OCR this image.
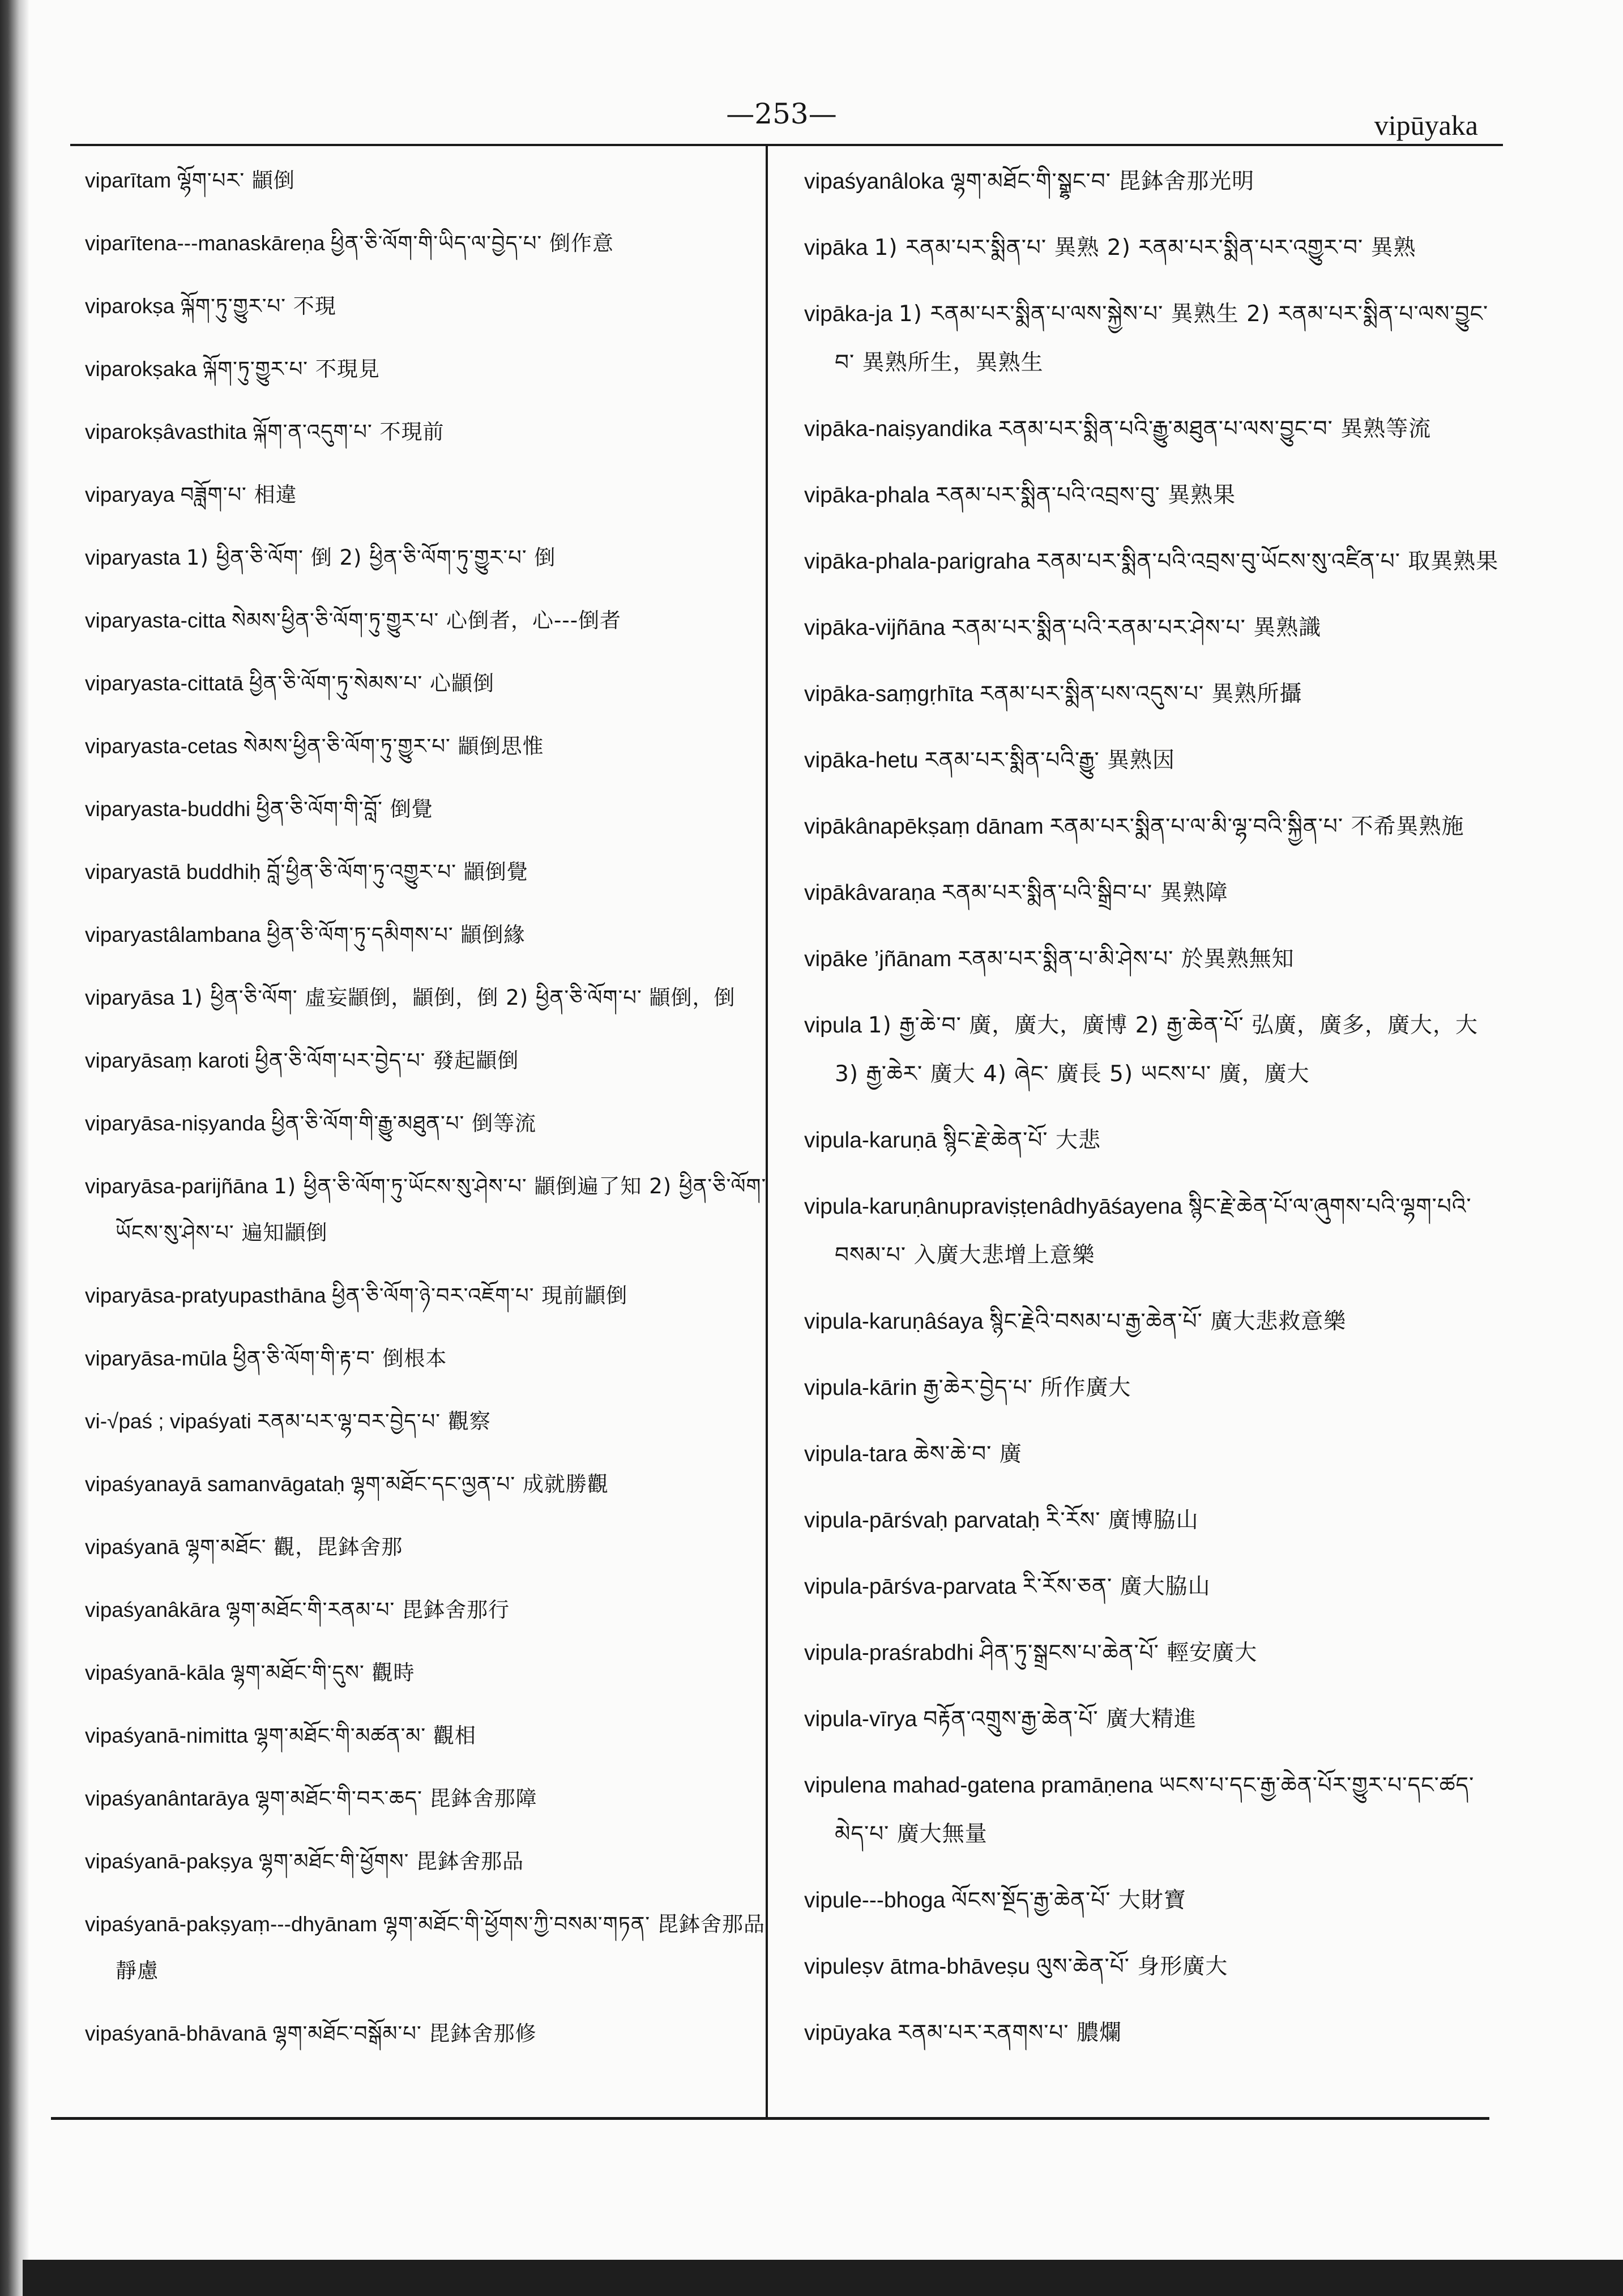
—253—	vipūyaka
viparītam ལྷོག་པར་ 顓倒
viparītena---manaskāreṇa ཕྱིན་ཅི་ལོག་གི་ཡིད་ལ་བྱེད་པ་ 倒作意
viparokṣa ལྐོག་ཏུ་གྱུར་པ་ 不現
viparokṣaka ལྐོག་ཏུ་གྱུར་པ་ 不現見
viparokṣâvasthita ལྐོག་ན་འདུག་པ་ 不現前
viparyaya བཟློག་པ་ 相違
viparyasta 1) ཕྱིན་ཅི་ལོག་ 倒 2) ཕྱིན་ཅི་ལོག་ཏུ་གྱུར་པ་ 倒
viparyasta-citta སེམས་ཕྱིན་ཅི་ལོག་ཏུ་གྱུར་པ་ 心倒者，心---倒者
viparyasta-cittatā ཕྱིན་ཅི་ལོག་ཏུ་སེམས་པ་ 心顓倒
viparyasta-cetas སེམས་ཕྱིན་ཅི་ལོག་ཏུ་གྱུར་པ་ 顓倒思惟
viparyasta-buddhi ཕྱིན་ཅི་ལོག་གི་བློ་ 倒覺
viparyastā buddhiḥ བློ་ཕྱིན་ཅི་ལོག་ཏུ་འགྱུར་པ་ 顓倒覺
viparyastâlambana ཕྱིན་ཅི་ལོག་ཏུ་དམིགས་པ་ 顓倒緣
viparyāsa 1) ཕྱིན་ཅི་ལོག་ 虛妄顓倒，顓倒，倒 2) ཕྱིན་ཅི་ལོག་པ་ 顓倒，倒
viparyāsaṃ karoti ཕྱིན་ཅི་ལོག་པར་བྱེད་པ་ 發起顓倒
viparyāsa-niṣyanda ཕྱིན་ཅི་ལོག་གི་རྒྱུ་མཐུན་པ་ 倒等流
viparyāsa-parijñāna 1) ཕྱིན་ཅི་ལོག་ཏུ་ཡོངས་སུ་ཤེས་པ་ 顓倒遍了知 2) ཕྱིན་ཅི་ལོག་ཡོངས་སུ་ཤེས་པ་ 遍知顓倒
viparyāsa-pratyupasthāna ཕྱིན་ཅི་ལོག་ཉེ་བར་འཇོག་པ་ 現前顓倒
viparyāsa-mūla ཕྱིན་ཅི་ལོག་གི་རྟ་བ་ 倒根本
vi-√paś ; vipaśyati རནམ་པར་ལྷ་བར་བྱེད་པ་ 觀察
vipaśyanayā samanvāgataḥ ལྷག་མཐོང་དང་ལྱན་པ་ 成就勝觀
vipaśyanā ལྷག་མཐོང་ 觀，毘鉢舍那
vipaśyanâkāra ལྷག་མཐོང་གི་རནམ་པ་ 毘鉢舍那行
vipaśyanā-kāla ལྷག་མཐོང་གི་དུས་ 觀時
vipaśyanā-nimitta ལྷག་མཐོང་གི་མཚན་མ་ 觀相
vipaśyanântarāya ལྷག་མཐོང་གི་བར་ཆད་ 毘鉢舍那障
vipaśyanā-pakṣya ལྷག་མཐོང་གི་ཕྱོགས་ 毘鉢舍那品
vipaśyanā-pakṣyaṃ---dhyānam ལྷག་མཐོང་གི་ཕྱོགས་ཀྱི་བསམ་གཏན་ 毘鉢舍那品靜慮
vipaśyanā-bhāvanā ལྷག་མཐོང་བསྒོམ་པ་ 毘鉢舍那修
vipaśyanâloka ལྷག་མཐོང་གི་སྒྷང་བ་ 毘鉢舍那光明
vipāka 1) རནམ་པར་སྨིན་པ་ 異熟 2) རནམ་པར་སྨིན་པར་འགྱུར་བ་ 異熟
vipāka-ja 1) རནམ་པར་སྨིན་པ་ལས་སྐྱེས་པ་ 異熟生 2) རནམ་པར་སྨིན་པ་ལས་བྱུང་བ་ 異熟所生，異熟生
vipāka-naiṣyandika རནམ་པར་སྨིན་པའི་རྒྱུ་མཐུན་པ་ལས་བྱུང་བ་ 異熟等流
vipāka-phala རནམ་པར་སྨིན་པའི་འབྲས་བུ་ 異熟果
vipāka-phala-parigraha རནམ་པར་སྨིན་པའི་འབྲས་བུ་ཡོངས་སུ་འཛིན་པ་ 取異熟果
vipāka-vijñāna རནམ་པར་སྨིན་པའི་རནམ་པར་ཤེས་པ་ 異熟識
vipāka-saṃgṛhīta རནམ་པར་སྨིན་པས་འདུས་པ་ 異熟所攝
vipāka-hetu རནམ་པར་སྨིན་པའི་རྒྱུ་ 異熟因
vipākânapēkṣaṃ dānam རནམ་པར་སྨིན་པ་ལ་མི་ལྷ་བའི་སྐྱིན་པ་ 不希異熟施
vipākâvaraṇa རནམ་པར་སྨིན་པའི་སྒྲིབ་པ་ 異熟障
vipāke ’jñānam རནམ་པར་སྨིན་པ་མི་ཤེས་པ་ 於異熟無知
vipula 1) རྒྱ་ཆེ་བ་ 廣，廣大，廣博 2) རྒྱ་ཆེན་པོ་ 弘廣，廣多，廣大，大 3) རྒྱ་ཆེར་ 廣大 4) ཞེང་ 廣長 5) ཡངས་པ་ 廣，廣大
vipula-karuṇā སྙིང་རྗེ་ཆེན་པོ་ 大悲
vipula-karuṇânupraviṣṭenâdhyāśayena སྙིང་རྗེ་ཆེན་པོ་ལ་ཞུགས་པའི་ལྷག་པའི་བསམ་པ་ 入廣大悲增上意樂
vipula-karuṇâśaya སྙིང་རྗེའི་བསམ་པ་རྒྱ་ཆེན་པོ་ 廣大悲救意樂
vipula-kārin རྒྱ་ཆེར་བྱེད་པ་ 所作廣大
vipula-tara ཆེས་ཆེ་བ་ 廣
vipula-pārśvaḥ parvataḥ རི་རོས་ 廣博脇山
vipula-pārśva-parvata རི་རོས་ཅན་ 廣大脇山
vipula-praśrabdhi ཤིན་ཏུ་སྒྲངས་པ་ཆེན་པོ་ 輕安廣大
vipula-vīrya བརྟོན་འགྲུས་རྒྱ་ཆེན་པོ་ 廣大精進
vipulena mahad-gatena pramāṇena ཡངས་པ་དང་རྒྱ་ཆེན་པོར་གྱུར་པ་དང་ཚད་མེད་པ་ 廣大無量
vipule---bhoga ལོངས་སྔོད་རྒྱ་ཆེན་པོ་ 大財寶
vipuleṣv ātma-bhāveṣu ལུས་ཆེན་པོ་ 身形廣大
vipūyaka རནམ་པར་རནགས་པ་ 膿爛
